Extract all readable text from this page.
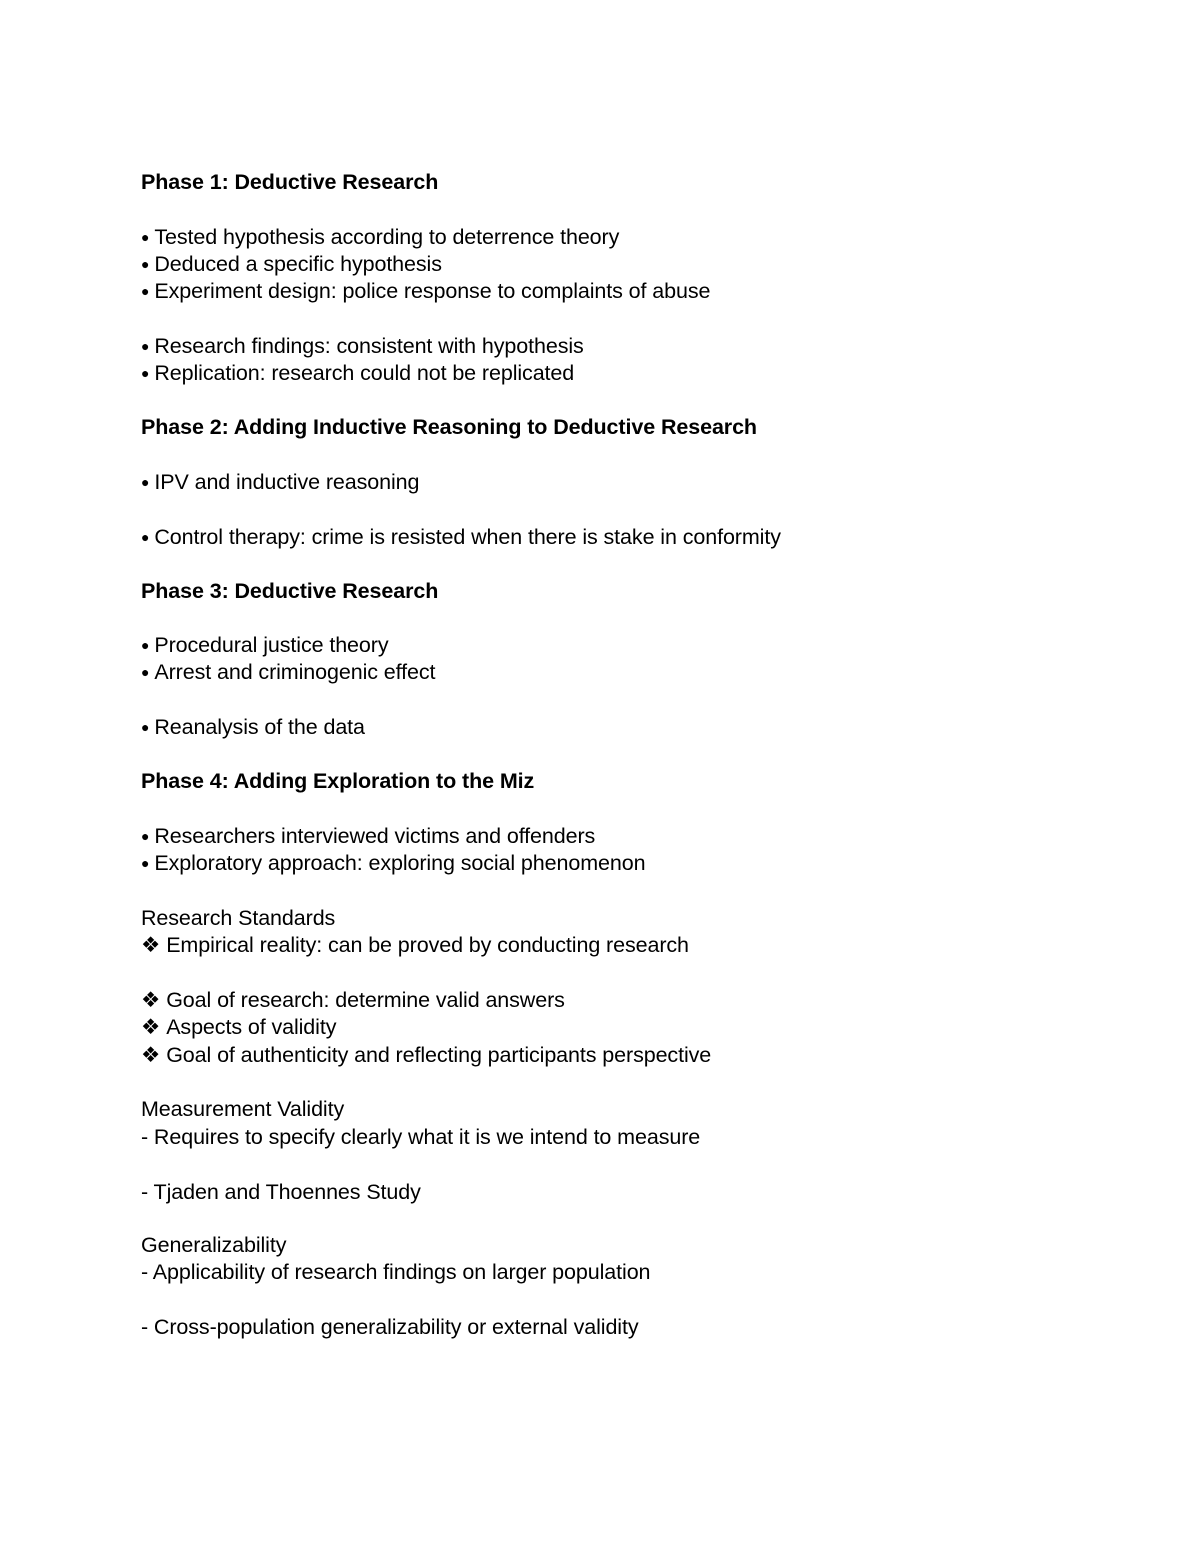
Phase 1: Deductive Research
● Tested hypothesis according to deterrence theory
● Deduced a specific hypothesis
● Experiment design: police response to complaints of abuse
● Research findings: consistent with hypothesis
● Replication: research could not be replicated
Phase 2: Adding Inductive Reasoning to Deductive Research
● IPV and inductive reasoning
● Control therapy: crime is resisted when there is stake in conformity
Phase 3: Deductive Research
● Procedural justice theory
● Arrest and criminogenic effect
● Reanalysis of the data
Phase 4: Adding Exploration to the Miz
● Researchers interviewed victims and offenders
● Exploratory approach: exploring social phenomenon
Research Standards
❖ Empirical reality: can be proved by conducting research
❖ Goal of research: determine valid answers
❖ Aspects of validity
❖ Goal of authenticity and reflecting participants perspective
Measurement Validity
- Requires to specify clearly what it is we intend to measure
- Tjaden and Thoennes Study
Generalizability
- Applicability of research findings on larger population
- Cross-population generalizability or external validity
